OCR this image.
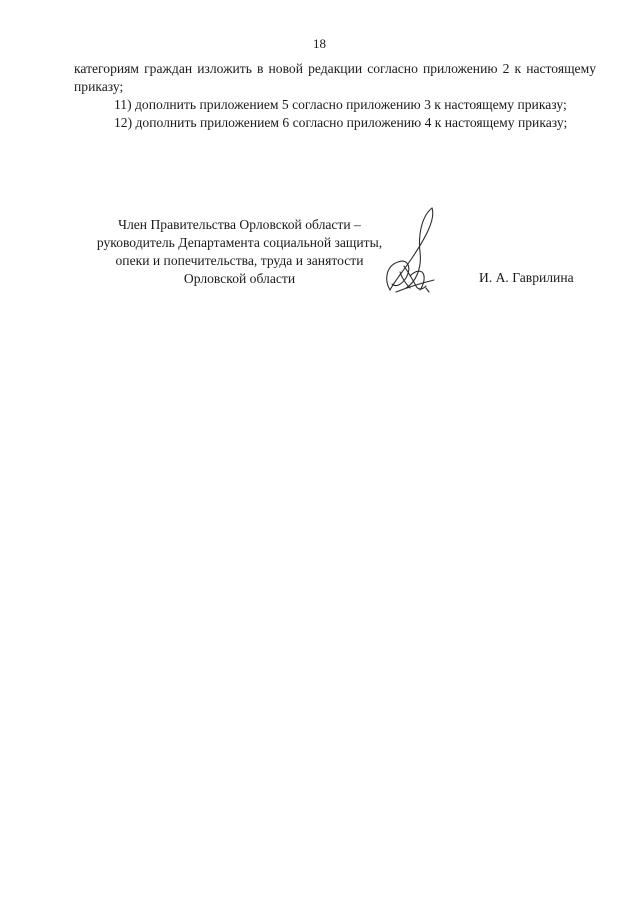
18

категориям граждан изложить в новой редакции согласно приложению 2 к настоящему приказу;

11) дополнить приложением 5 согласно приложению 3 к настоящему приказу;

12) дополнить приложением 6 согласно приложению 4 к настоящему приказу;

Член Правительства Орловской области –
руководитель Департамента социальной защиты,
опеки и попечительства, труда и занятости
Орловской области	И. А. Гаврилина
